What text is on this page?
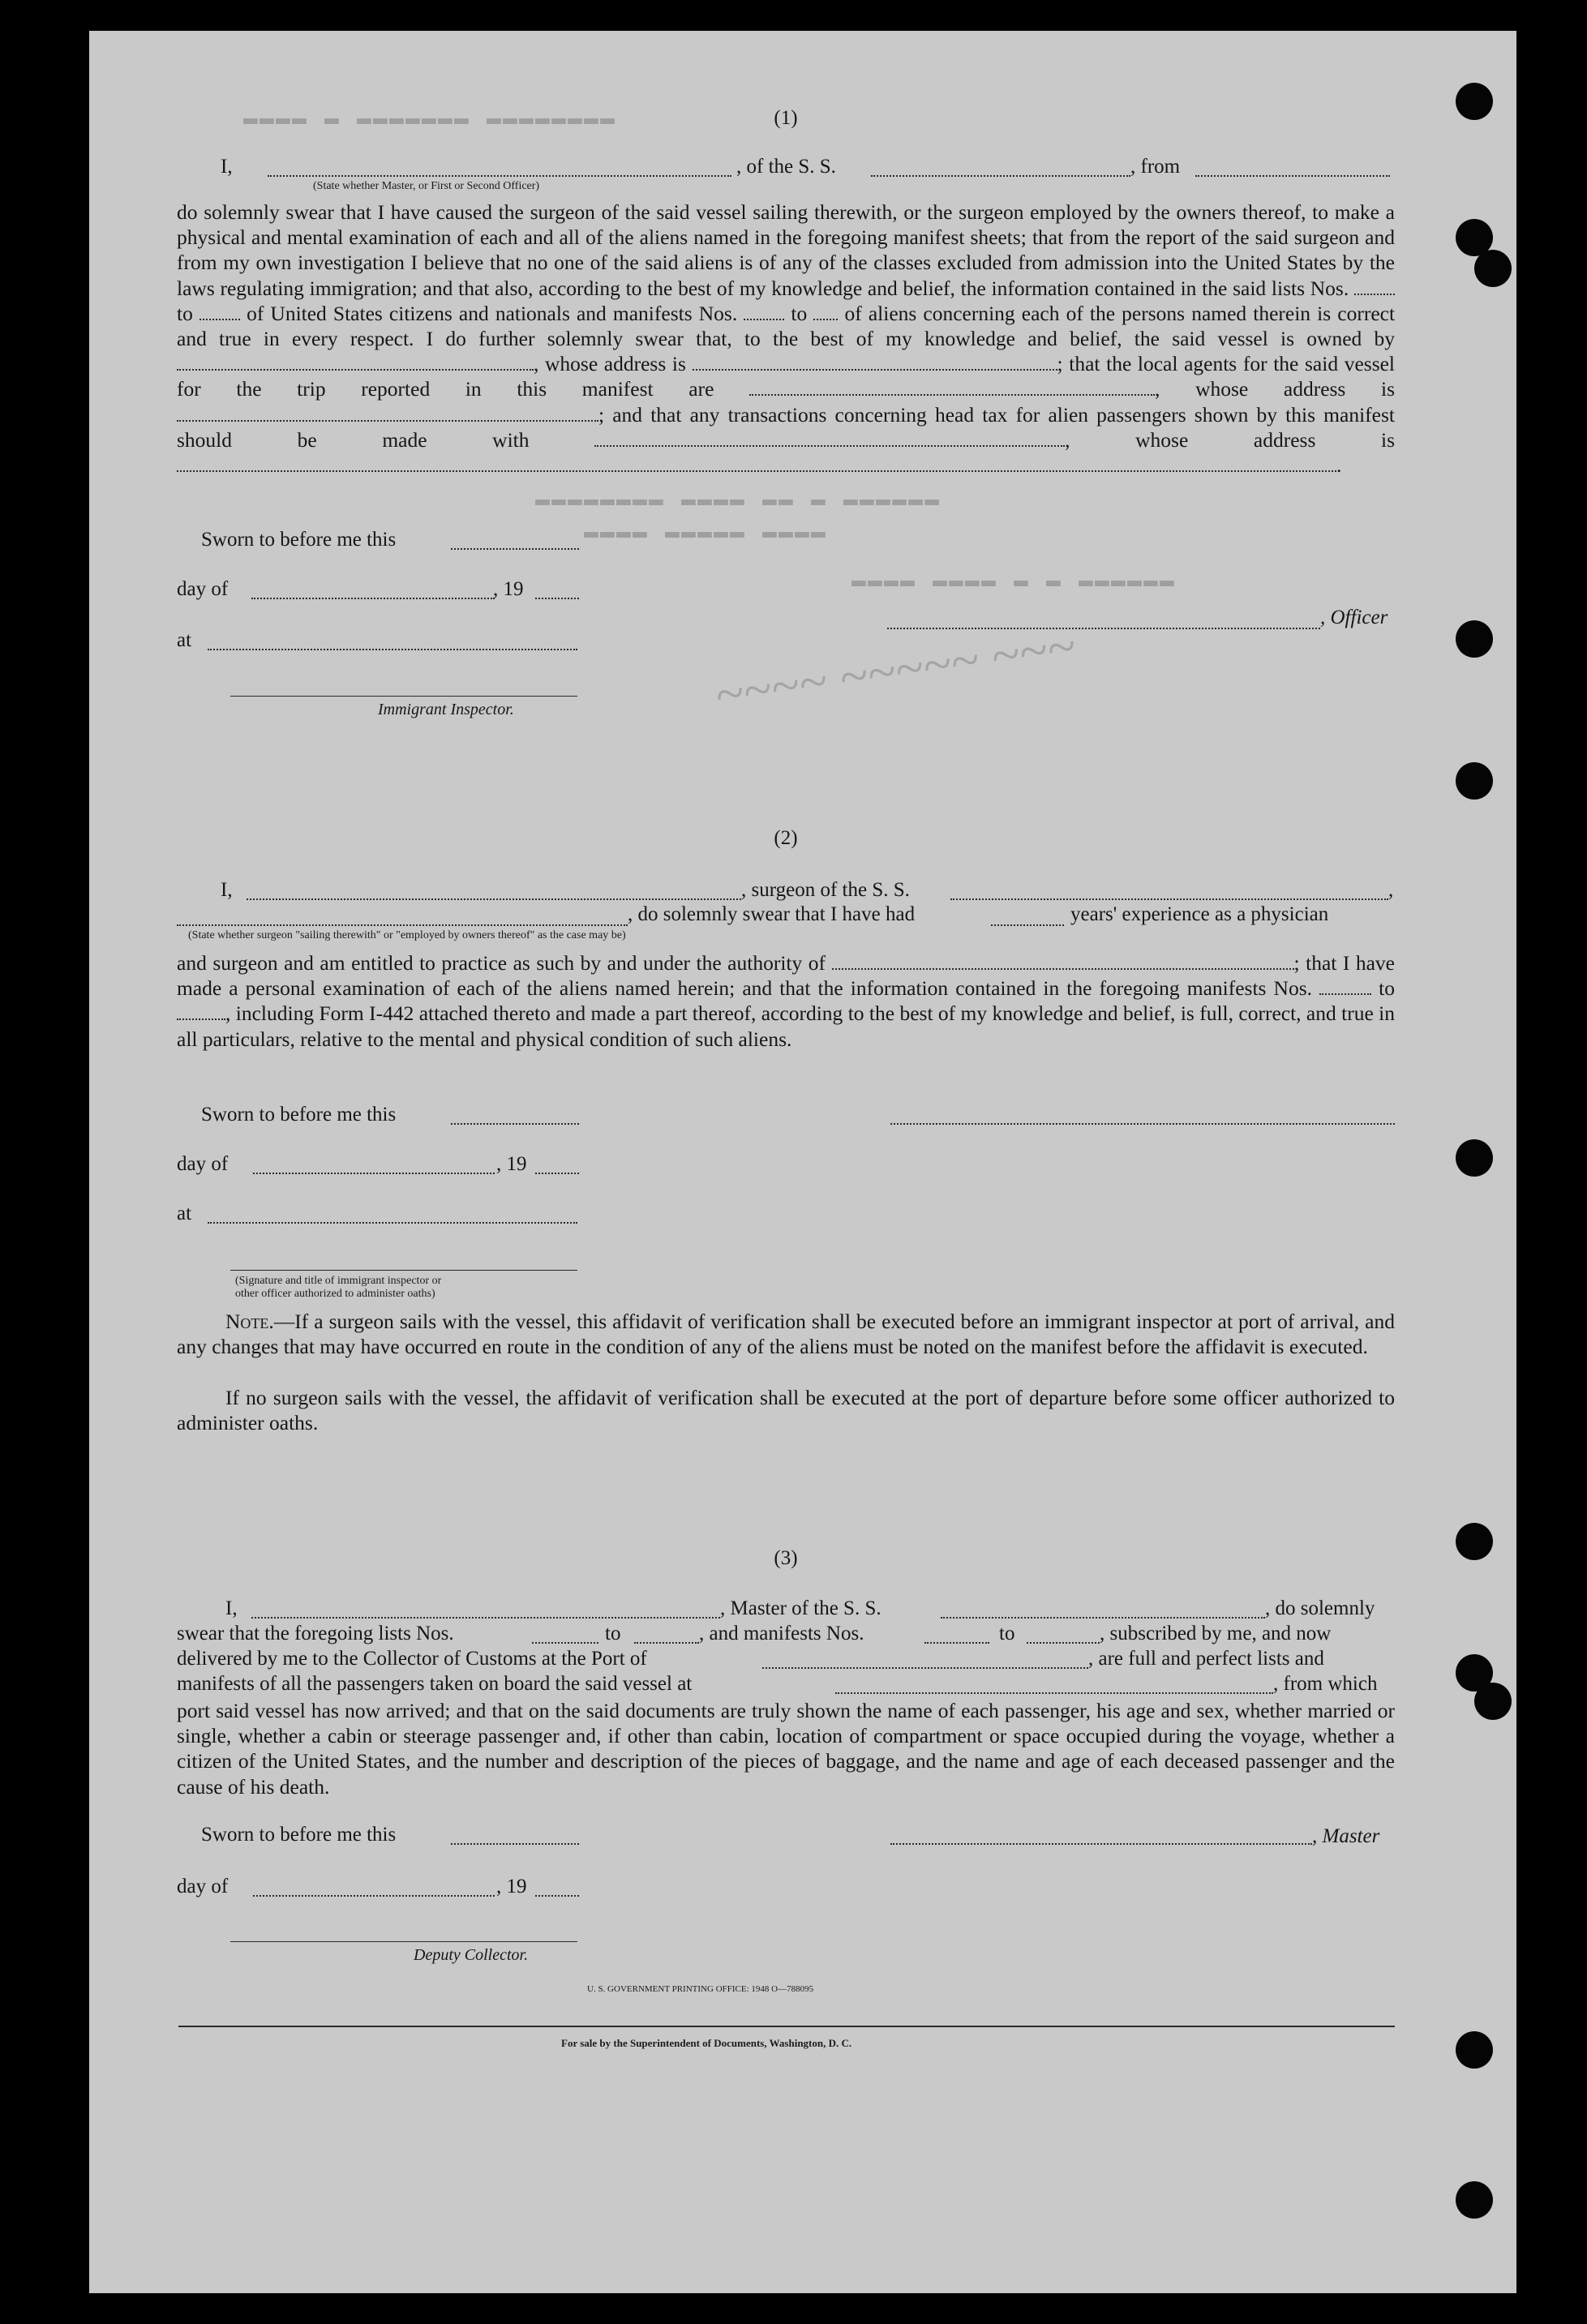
▬▬▬▬ ▬ ▬▬▬▬▬▬▬ ▬▬▬▬▬▬▬▬
▬▬▬▬▬▬▬▬ ▬▬▬▬ ▬▬ ▬ ▬▬▬▬▬▬
▬▬▬▬ ▬▬▬▬▬ ▬▬▬▬
▬▬▬▬ ▬▬▬▬ ▬ ▬ ▬▬▬▬▬▬
~~~~ ~~~~~ ~~~
(1)
I,	, of the S. S.	, from
(State whether Master, or First or Second Officer)
do solemnly swear that I have caused the surgeon of the said vessel sailing therewith, or the surgeon employed by the owners thereof, to make a physical and mental examination of each and all of the aliens named in the foregoing manifest sheets; that from the report of the said surgeon and from my own investigation I believe that no one of the said aliens is of any of the classes excluded from admission into the United States by the laws regulating immigration; and that also, according to the best of my knowledge and belief, the information contained in the said lists Nos.  to	of United States citizens and nationals and manifests Nos.	to of aliens concerning each of the persons named therein is correct and true in every respect. I do further solemnly swear that, to the best of my knowledge and belief, the said vessel is owned by , whose address is	; that the local agents for the said vessel for the trip reported in this manifest are	, whose address is ; and that any transactions concerning head tax for alien passengers shown by this manifest should be made with	, whose address is .
Sworn to before me this
day of	, 19
, Officer
at
Immigrant Inspector.
(2)
I,	, surgeon of the S. S.	,
, do solemnly swear that I have had	years' experience as a physician
(State whether surgeon "sailing therewith" or "employed by owners thereof" as the case may be)
and surgeon and am entitled to practice as such by and under the authority of	; that I have made a personal examination of each of the aliens named herein; and that the information contained in the foregoing manifests Nos.	to , including Form I-442 attached thereto and made a part thereof, according to the best of my knowledge and belief, is full, correct, and true in all particulars, relative to the mental and physical condition of such aliens.
Sworn to before me this
day of	, 19
at
(Signature and title of immigrant inspector or
other officer authorized to administer oaths)
Note.—If a surgeon sails with the vessel, this affidavit of verification shall be executed before an immigrant inspector at port of arrival, and any changes that may have occurred en route in the condition of any of the aliens must be noted on the manifest before the affidavit is executed.
If no surgeon sails with the vessel, the affidavit of verification shall be executed at the port of departure before some officer authorized to administer oaths.
(3)
I,	, Master of the S. S.	, do solemnly
swear that the foregoing lists Nos.	to	, and manifests Nos.	to	, subscribed by me, and now
delivered by me to the Collector of Customs at the Port of	, are full and perfect lists and
manifests of all the passengers taken on board the said vessel at	, from which
port said vessel has now arrived; and that on the said documents are truly shown the name of each passenger, his age and sex, whether married or single, whether a cabin or steerage passenger and, if other than cabin, location of compartment or space occupied during the voyage, whether a citizen of the United States, and the number and description of the pieces of baggage, and the name and age of each deceased passenger and the cause of his death.
Sworn to before me this	, Master
day of	, 19
Deputy Collector.
U. S. GOVERNMENT PRINTING OFFICE: 1948 O—788095
For sale by the Superintendent of Documents, Washington, D. C.
